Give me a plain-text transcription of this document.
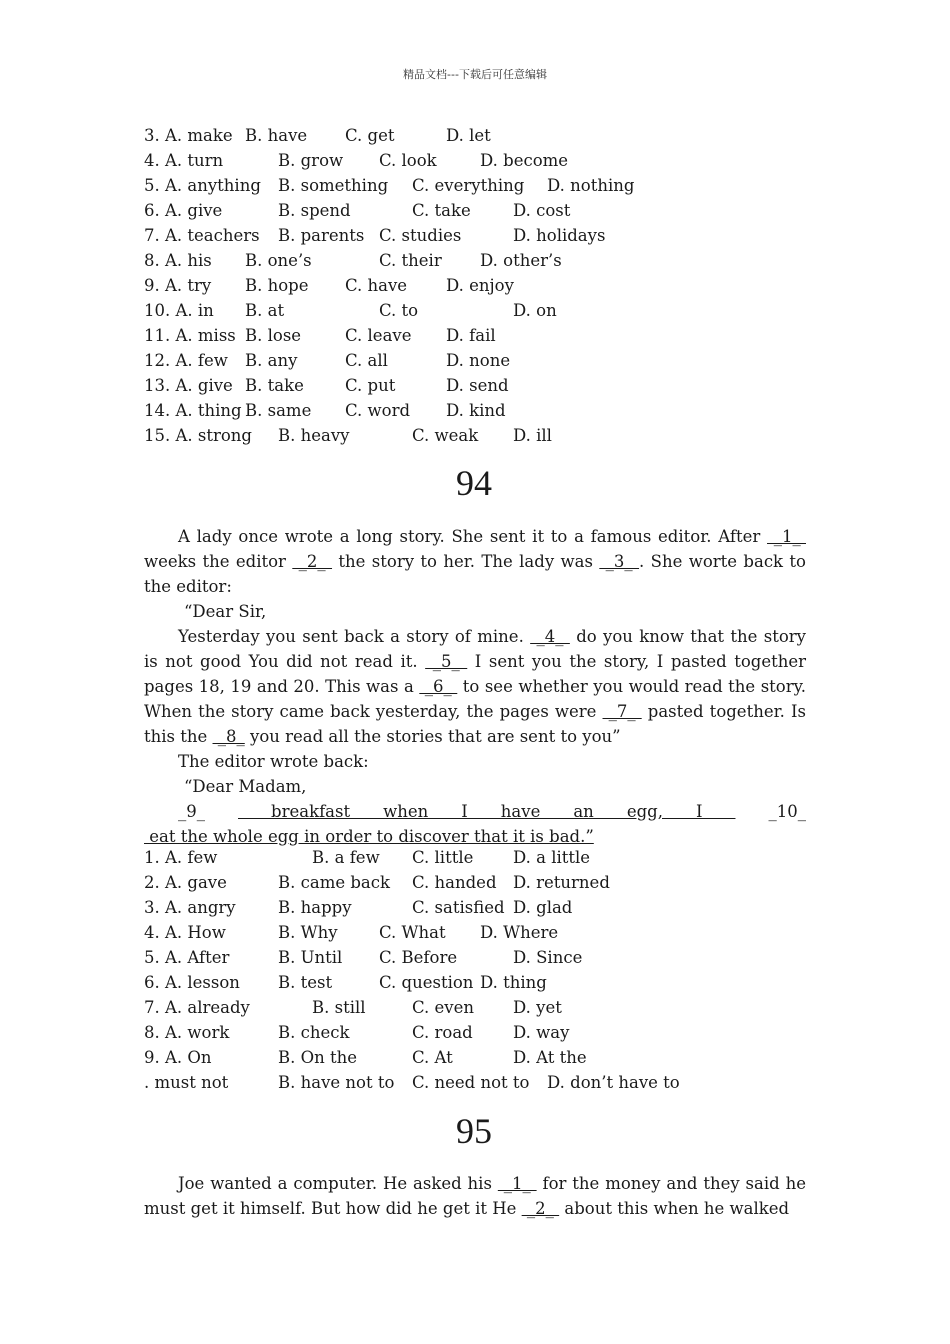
精品文档---下载后可任意编辑
3. A. make B. have C. get	D. let
4. A. turn	B. grow C. look	D. become
5. A. anything B. something C. everything D. nothing
6. A. give	B. spend	C. take	D. cost
7. A. teachers B. parents C. studies	D. holidays
8. A. his B. one’s	C. their D. other’s
9. A. try B. hope C. have D. enjoy
10. A. in B. at	C. to	D. on
11. A. miss B. lose	C. leave D. fail
12. A. few B. any	C. all	D. none
13. A. give B. take C. put	D. send
14. A. thing B. same C. word D. kind
15. A. strong B. heavy	C. weak D. ill
94

A lady once wrote a long story. She sent it to a famous editor. After  _1_  weeks the editor  _2_  the story to her. The lady was  _3_ . She worte back to the editor:

“Dear Sir,

Yesterday you sent back a story of mine.  _4_  do you know that the story is not good You did not read it.  _5_  I sent you the story, I pasted together pages 18, 19 and 20. This was a  _6_  to see whether you would read the story. When the story came back yesterday, the pages were  _7_  pasted together. Is this the  _8_ you read all the stories that are sent to you”

The editor wrote back:

“Dear Madam,

_9_  breakfast when I have an egg, I  _10_  eat the whole egg in order to discover that it is bad.”

1. A. few	B. a few C. little D. a little
2. A. gave	B. came back C. handed D. returned
3. A. angry	B. happy	C. satisfied D. glad
4. A. How	B. Why	C. What D. Where
5. A. After	B. Until C. Before	D. Since
6. A. lesson B. test	C. question D. thing
7. A. already	B. still	C. even D. yet
8. A. work	B. check	C. road D. way
9. A. On	B. On the	C. At	D. At the
. must not	B. have not to C. need not to D. don’t have to
95

Joe wanted a computer. He asked his  _1_  for the money and they said he must get it himself. But how did he get it He  _2_  about this when he walked
